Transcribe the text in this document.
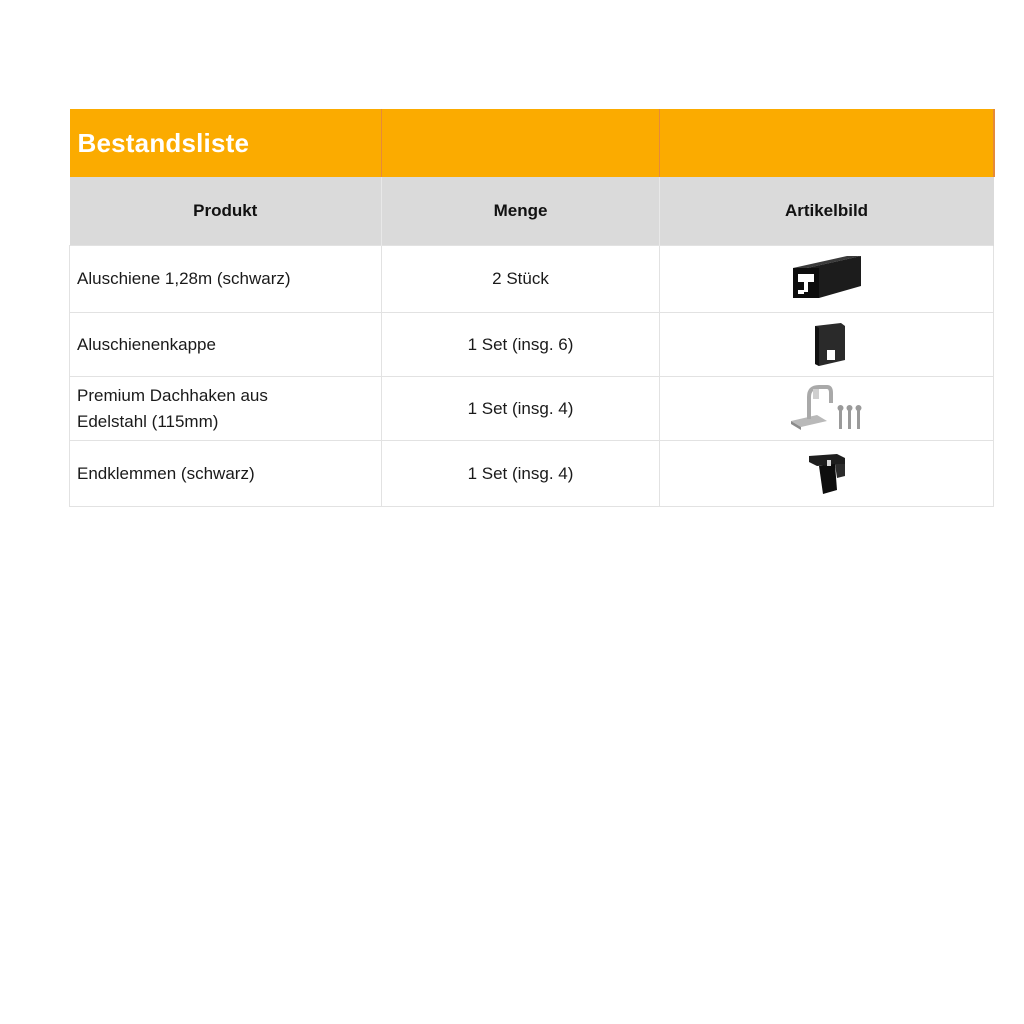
Bestandsliste		
Produkt	Menge	Artikelbild
Aluschiene 1,28m (schwarz)	2 Stück	
Aluschienenkappe	1 Set (insg. 6)	

Premium Dachhaken aus
Edelstahl (115mm)	1 Set (insg. 4)	
Endklemmen (schwarz)	1 Set (insg. 4)	
